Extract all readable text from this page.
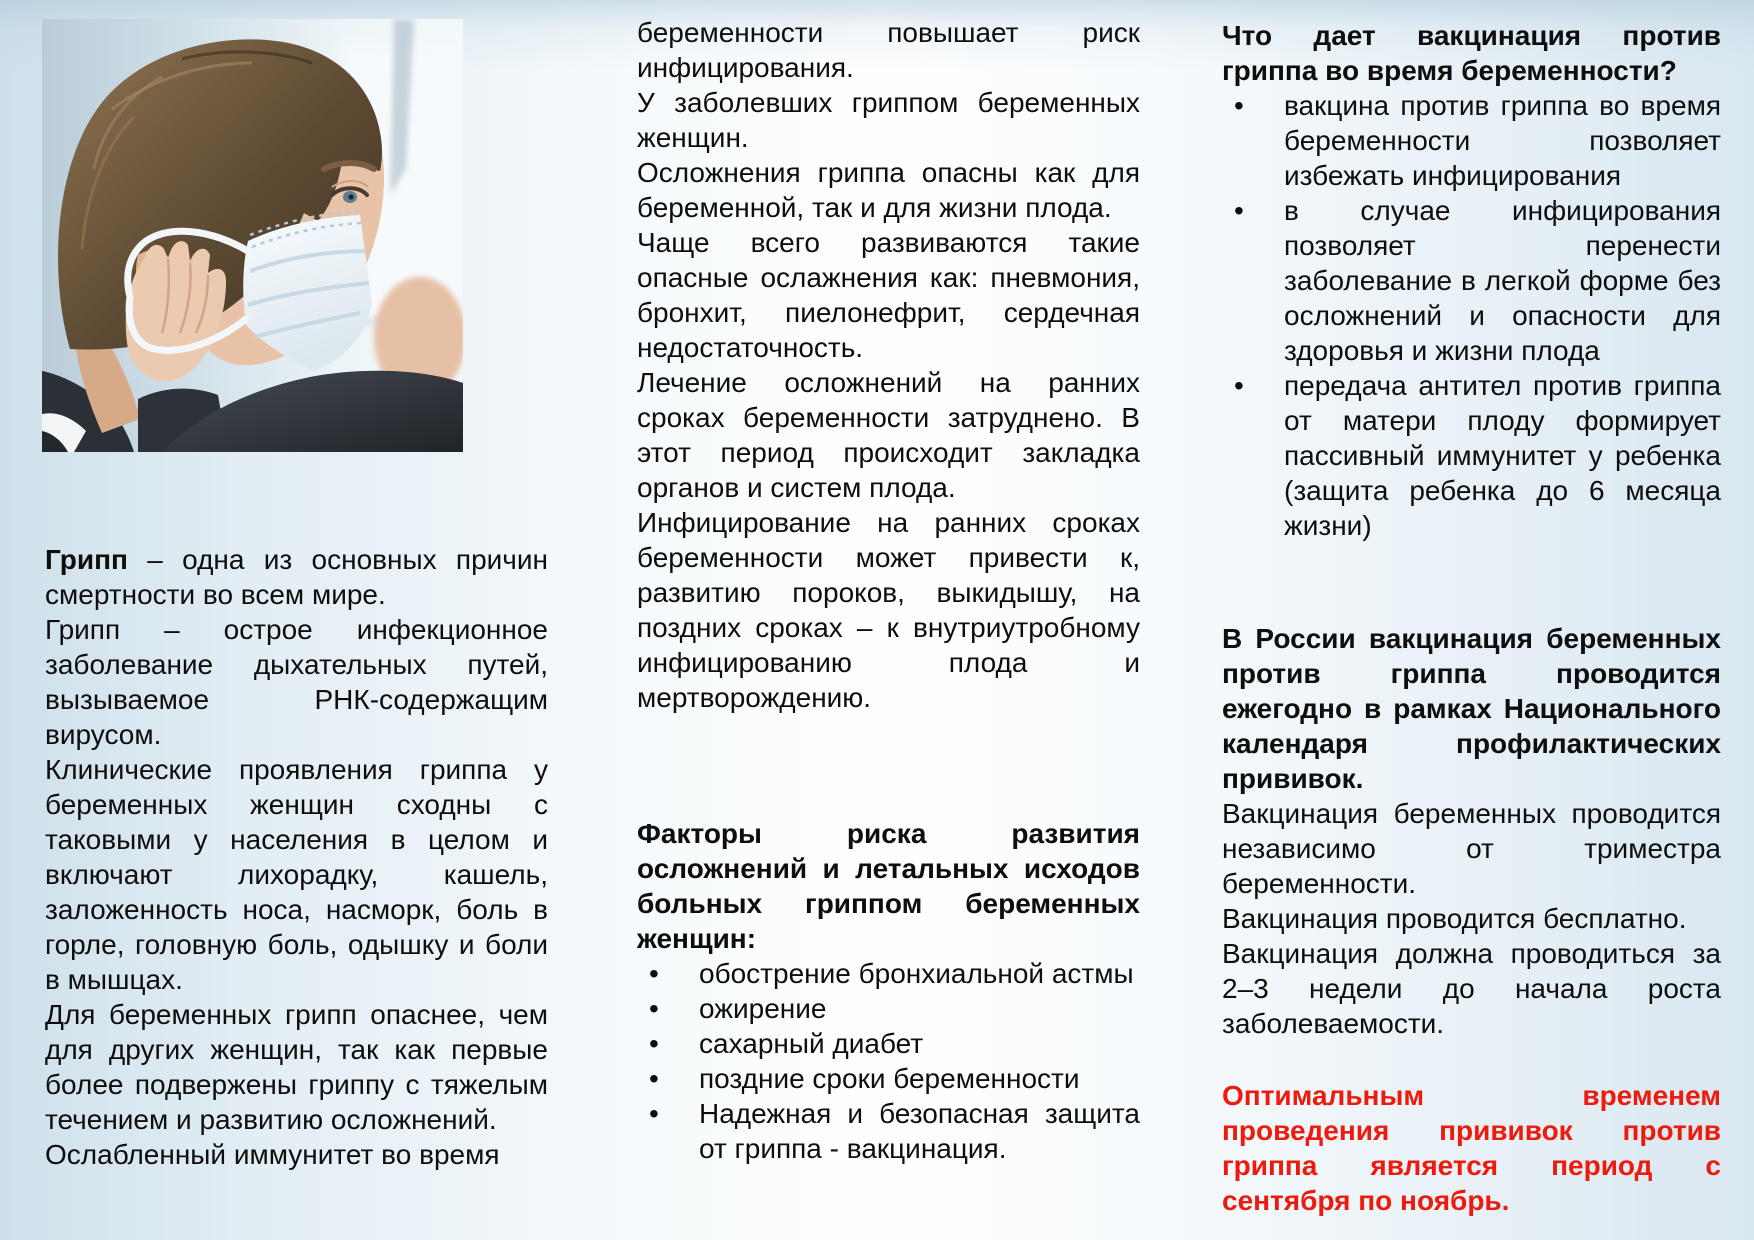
Грипп – одна из основных причин смертности во всем мире.

Грипп – острое инфекционное заболевание дыхательных путей, вызываемое РНК-содержащим вирусом.

Клинические проявления гриппа у беременных женщин сходны с таковыми у населения в целом и включают лихорадку, кашель, заложенность носа, насморк, боль в горле, головную боль, одышку и боли в мышцах.

Для беременных грипп опаснее, чем для других женщин, так как первые более подвержены гриппу с тяжелым течением и развитию осложнений.

Ослабленный иммунитет во время

беременности повышает риск инфицирования.

У заболевших гриппом беременных женщин.

Осложнения гриппа опасны как для беременной, так и для жизни плода.

Чаще всего развиваются такие опасные ослажнения как: пневмония, бронхит, пиелонефрит, сердечная недостаточность.

Лечение осложнений на ранних сроках беременности затруднено. В этот период происходит закладка органов и систем плода.

Инфицирование на ранних сроках беременности может привести к, развитию пороков, выкидышу, на поздних сроках – к внутриутробному инфицированию плода и мертворождению.

Факторы риска развития осложнений и летальных исходов больных гриппом беременных женщин:

•	обострение бронхиальной астмы
•	ожирение
•	сахарный диабет
•	поздние сроки беременности
•	Надежная и безопасная защита от гриппа - вакцинация.

Что дает вакцинация против гриппа во время беременности?

•	вакцина против гриппа во время беременности позволяет избежать инфицирования
•	в случае инфицирования позволяет перенести заболевание в легкой форме без осложнений и опасности для здоровья и жизни плода
•	передача антител против гриппа от матери плоду формирует пассивный иммунитет у ребенка (защита ребенка до 6 месяца жизни)

В России вакцинация беременных против гриппа проводится ежегодно в рамках Национального календаря профилактических прививок.

Вакцинация беременных проводится независимо от триместра беременности.

Вакцинация проводится бесплатно.

Вакцинация должна проводиться за 2–3 недели до начала роста заболеваемости.

Оптимальным временем проведения прививок против гриппа является период с сентября по ноябрь.
